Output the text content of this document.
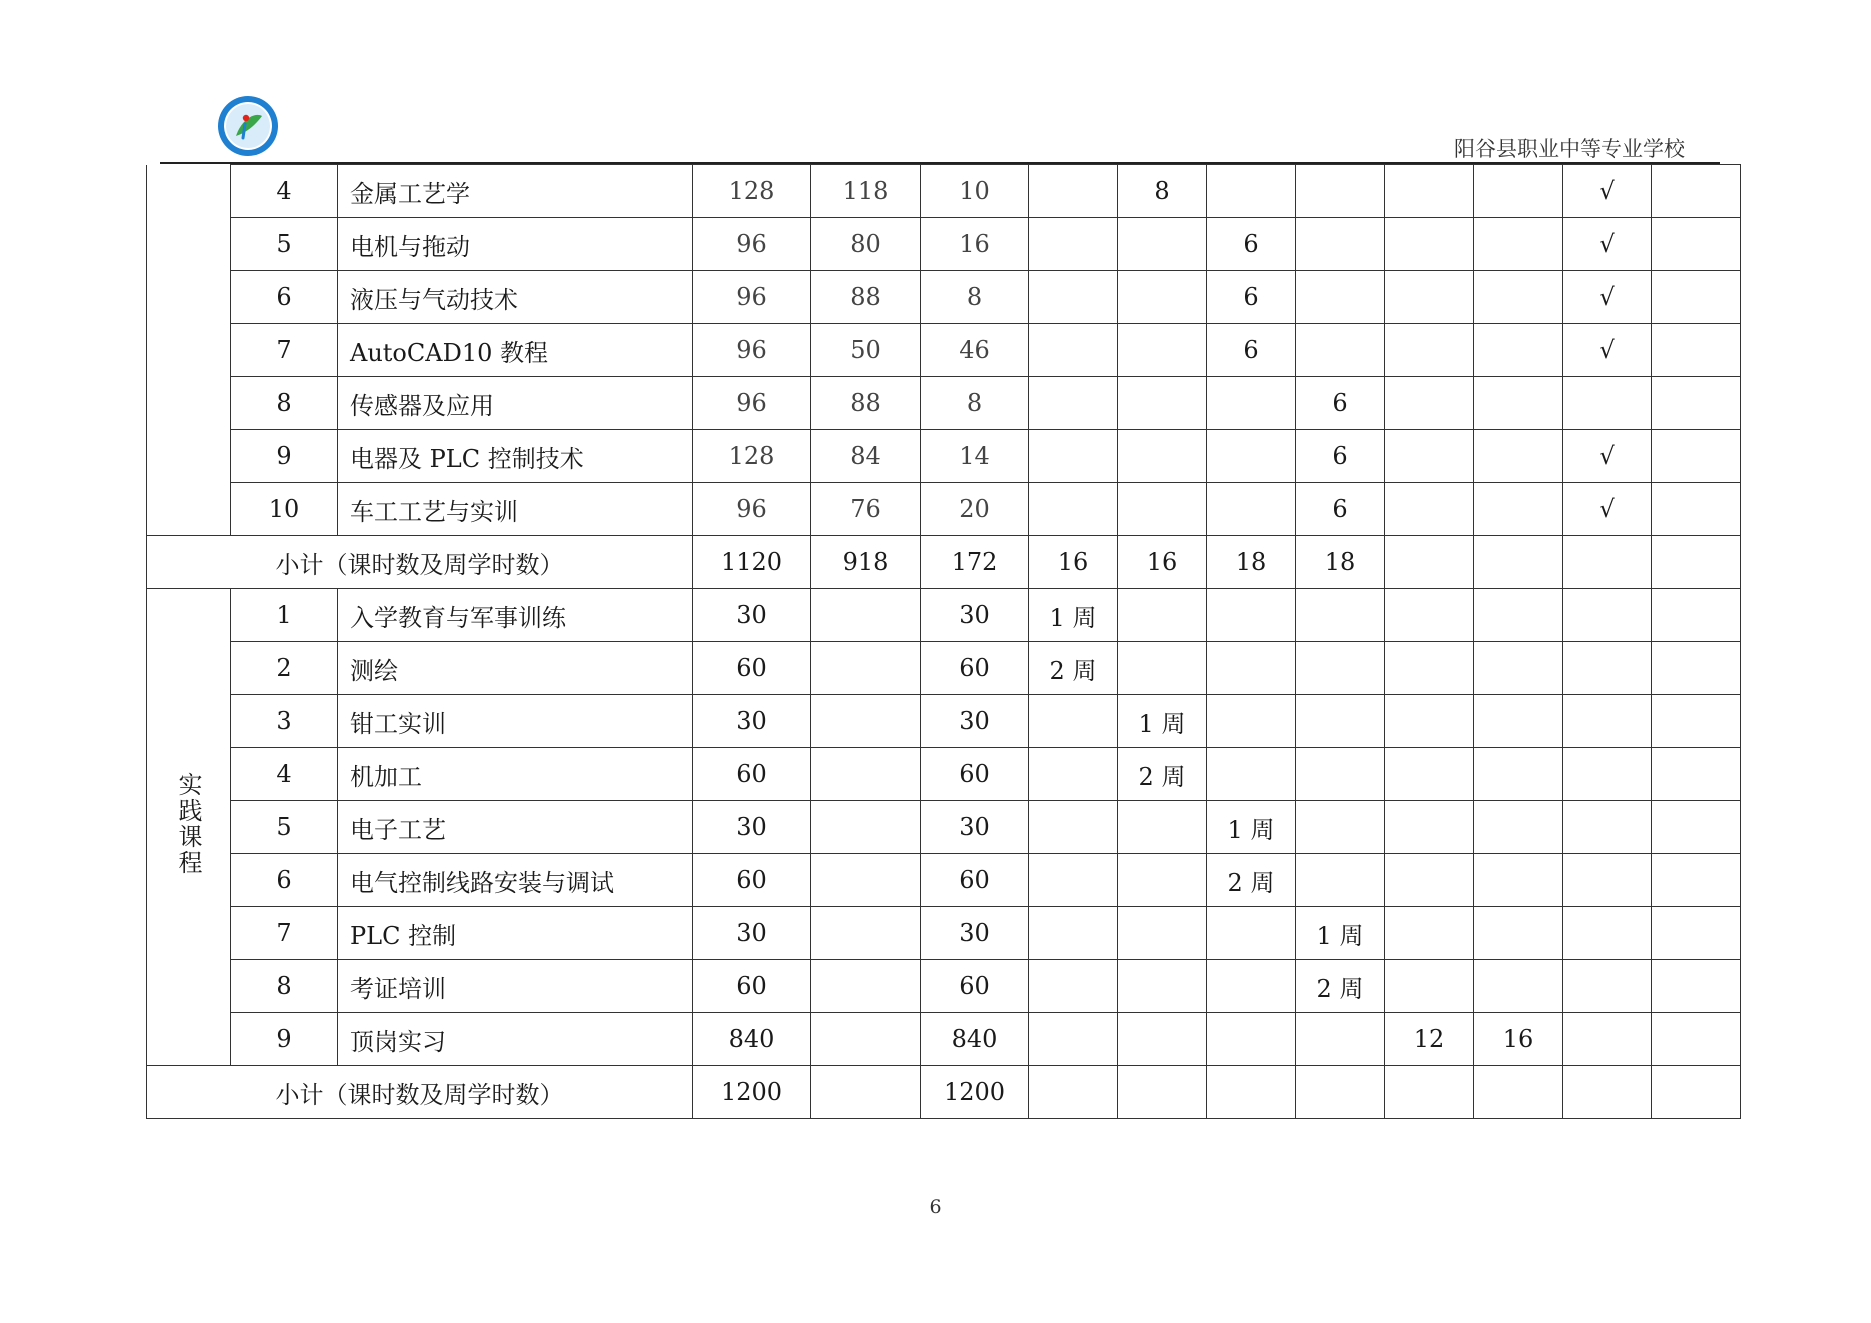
阳谷县职业中等专业学校
	4	金属工艺学	128	118	10		8					√	
	5	电机与拖动	96	80	16			6				√	
	6	液压与气动技术	96	88	8			6				√	
	7	AutoCAD10 教程	96	50	46			6				√	
	8	传感器及应用	96	88	8				6				
	9	电器及 PLC 控制技术	128	84	14				6			√	
	10	车工工艺与实训	96	76	20				6			√	
小计（课时数及周学时数）			1120	918	172	16	16	18	18				
实践课程	1	入学教育与军事训练	30		30	1 周							
	2	测绘	60		60	2 周							
	3	钳工实训	30		30		1 周						
	4	机加工	60		60		2 周						
	5	电子工艺	30		30			1 周					
	6	电气控制线路安装与调试	60		60			2 周					
	7	PLC 控制	30		30				1 周				
	8	考证培训	60		60				2 周				
	9	顶岗实习	840		840					12	16		
小计（课时数及周学时数）			1200		1200								
6
